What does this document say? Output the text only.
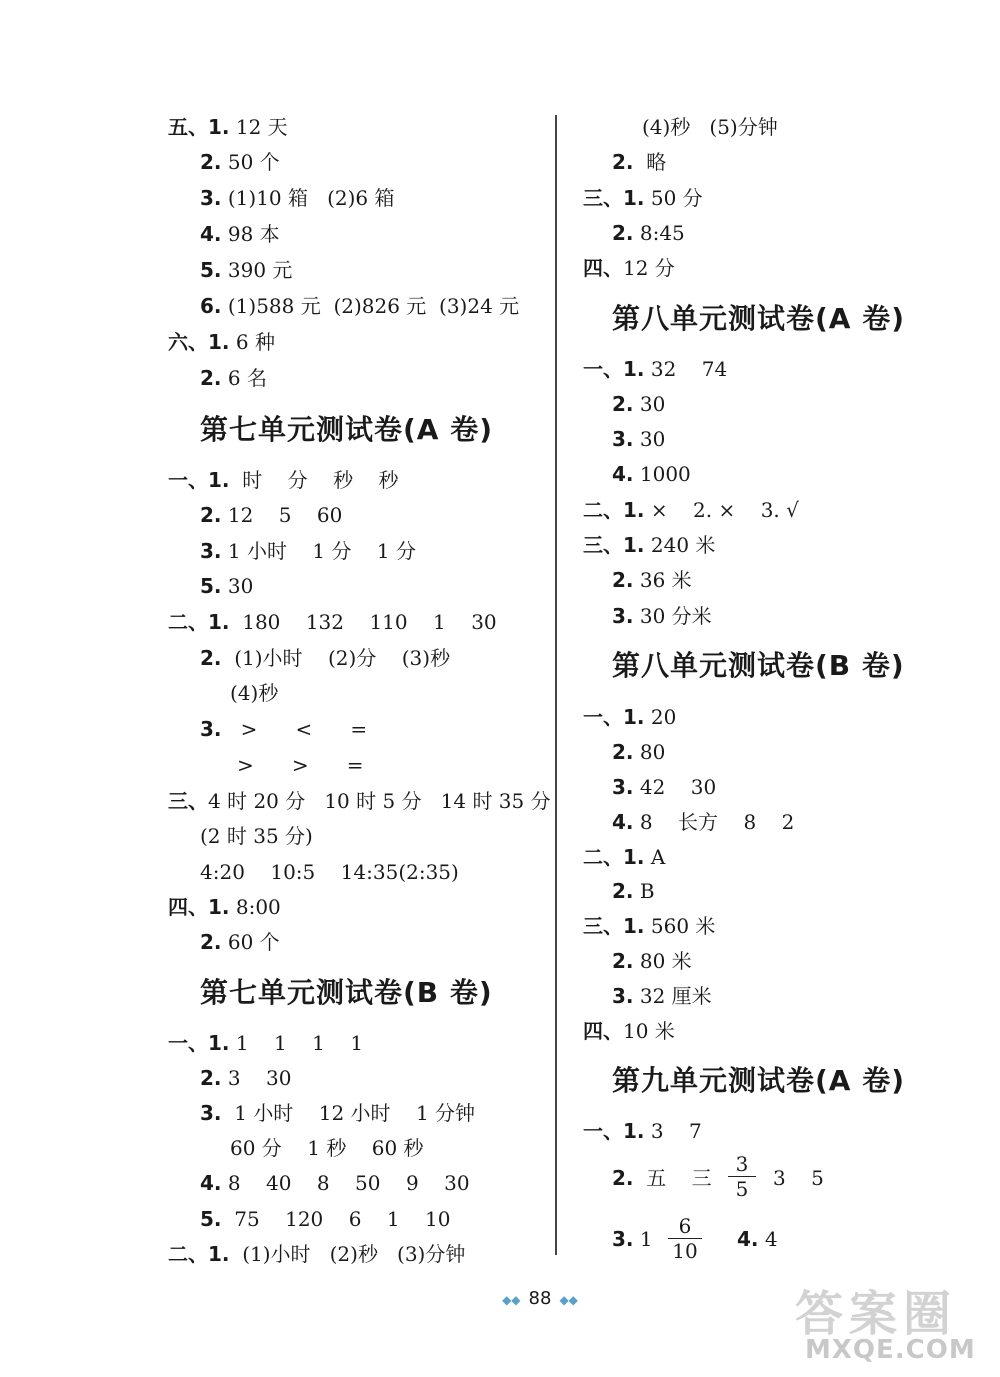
五、1. 12 天
2. 50 个
3. (1)10 箱   (2)6 箱
4. 98 本
5. 390 元
6. (1)588 元  (2)826 元  (3)24 元
六、1. 6 种
2. 6 名
第七单元测试卷(A 卷)
一、1.  时    分    秒    秒
2. 12    5    60
3. 1 小时    1 分    1 分
5. 30
二、1.  180    132    110    1    30
2.  (1)小时    (2)分    (3)秒
(4)秒
3.   >      <      =
>      >      =
三、4 时 20 分   10 时 5 分   14 时 35 分
(2 时 35 分)
4:20    10:5    14:35(2:35)
四、1. 8:00
2. 60 个
第七单元测试卷(B 卷)
一、1. 1    1    1    1
2. 3    30
3.  1 小时    12 小时    1 分钟
60 分    1 秒    60 秒
4. 8    40    8    50    9    30
5.  75    120    6    1    10
二、1.  (1)小时   (2)秒   (3)分钟
(4)秒   (5)分钟
2.  略
三、1. 50 分
2. 8:45
四、12 分
第八单元测试卷(A 卷)
一、1. 32    74
2. 30
3. 30
4. 1000
二、1. ×    2. ×    3. √
三、1. 240 米
2. 36 米
3. 30 分米
第八单元测试卷(B 卷)
一、1. 20
2. 80
3. 42    30
4. 8    长方    8    2
二、1. A
2. B
三、1. 560 米
2. 80 米
3. 32 厘米
四、10 米
第九单元测试卷(A 卷)
一、1. 3    7
2.  五    三 $\frac{3}{5} 3$    5
3. $1 \frac{6}{10} 4$. 4
◆◆ 88 ◆◆	答案圈
MXQE.COM
